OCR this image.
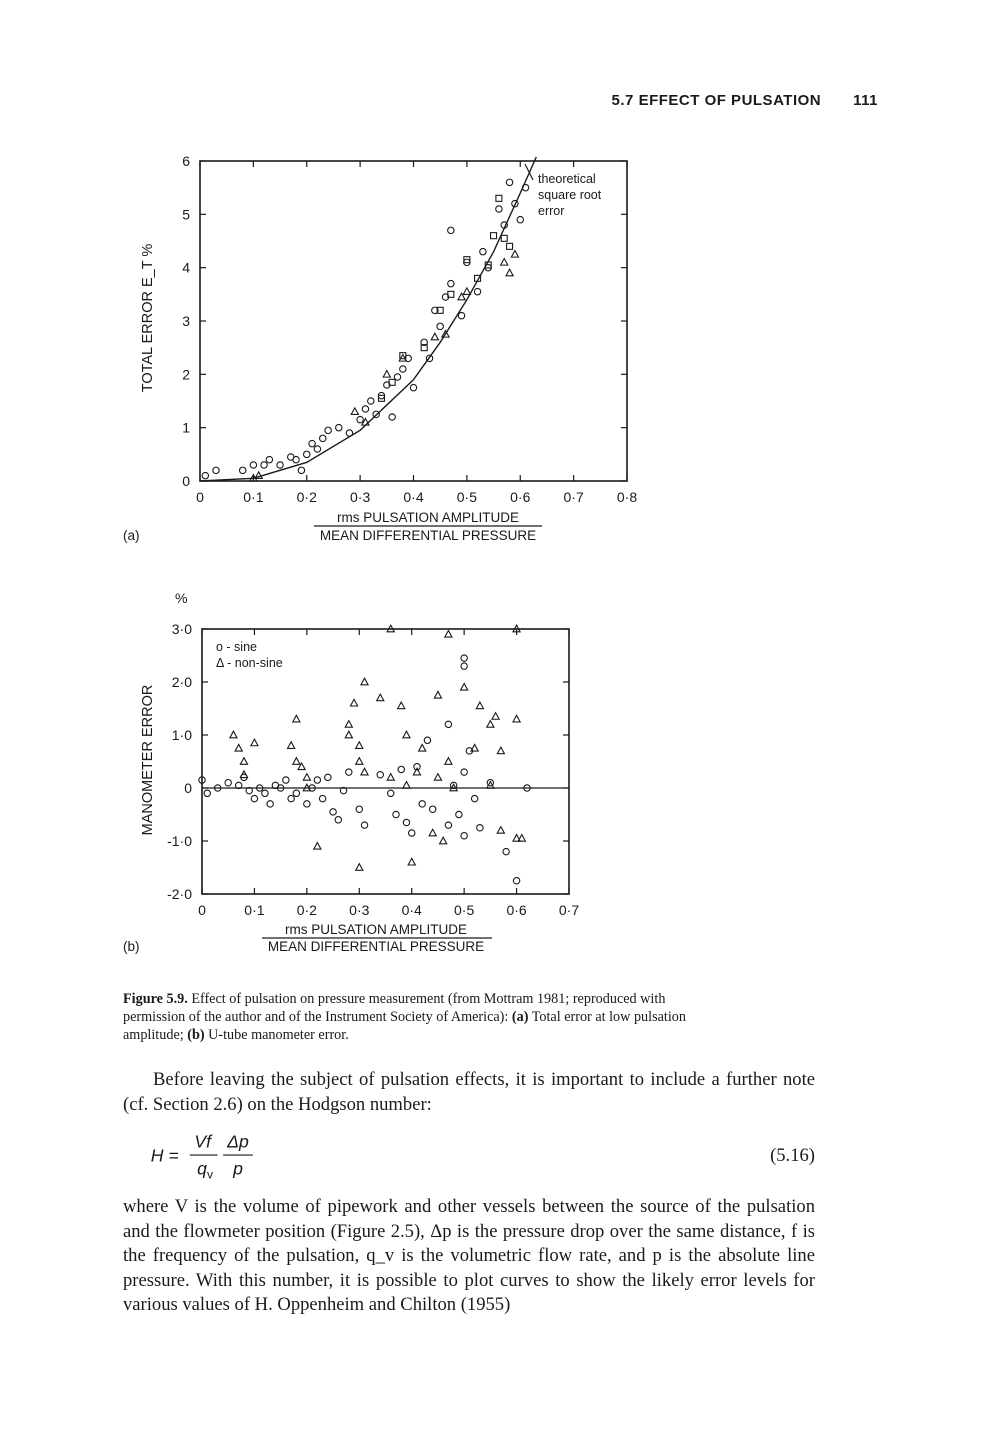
5.7 EFFECT OF PULSATION 111
0
1
2
3
4
5
6
0	0·1 0·2 0·3 0·4 0·5 0·6 0·7 0·8
theoretical
square root
error
TOTAL ERROR E_T %
rms PULSATION AMPLITUDE
MEAN DIFFERENTIAL PRESSURE
(a)
-2·0
-1·0
0
1·0
2·0
3·0
0	0·1 0·2 0·3 0·4 0·5 0·6 0·7
%
o - sine
Δ - non-sine
MANOMETER ERROR
rms PULSATION AMPLITUDE
MEAN DIFFERENTIAL PRESSURE
(b)
Figure 5.9. Effect of pulsation on pressure measurement (from Mottram 1981; reproduced with permission of the author and of the Instrument Society of America): (a) Total error at low pulsation amplitude; (b) U-tube manometer error.

Before leaving the subject of pulsation effects, it is important to include a further note (cf. Section 2.6) on the Hodgson number:

H =
Vf
$q_v$
Δp
p
(5.16)

where V is the volume of pipework and other vessels between the source of the pulsation and the flowmeter position (Figure 2.5), Δp is the pressure drop over the same distance, f is the frequency of the pulsation, q_v is the volumetric flow rate, and p is the absolute line pressure. With this number, it is possible to plot curves to show the likely error levels for various values of H. Oppenheim and Chilton (1955)
